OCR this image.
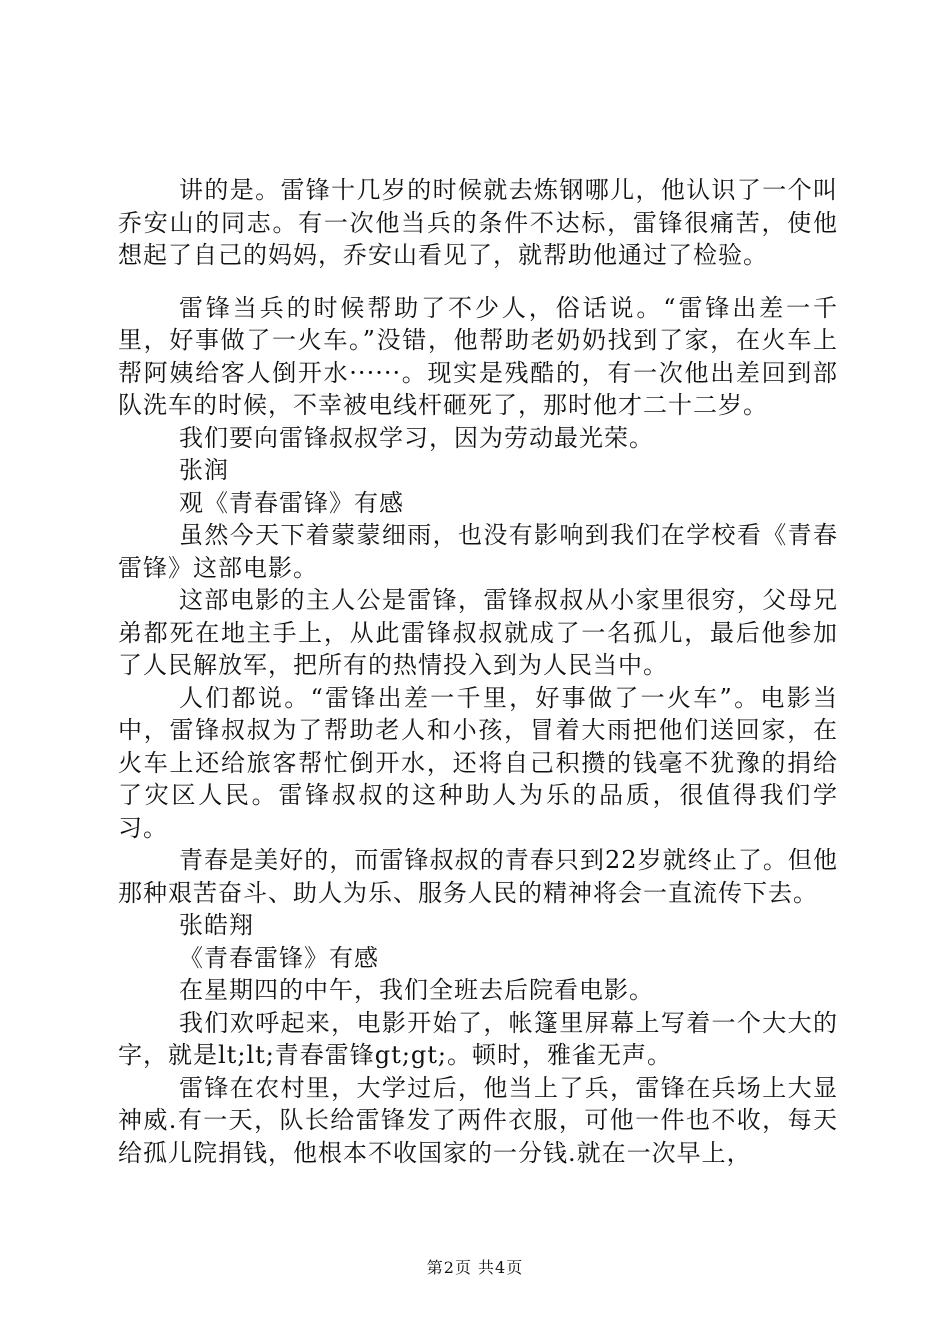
讲的是。雷锋十几岁的时候就去炼钢哪儿，他认识了一个叫乔安山的同志。有一次他当兵的条件不达标，雷锋很痛苦，使他想起了自己的妈妈，乔安山看见了，就帮助他通过了检验。

雷锋当兵的时候帮助了不少人，俗话说。“雷锋出差一千里，好事做了一火车。”没错，他帮助老奶奶找到了家，在火车上帮阿姨给客人倒开水······。现实是残酷的，有一次他出差回到部队洗车的时候，不幸被电线杆砸死了，那时他才二十二岁。

我们要向雷锋叔叔学习，因为劳动最光荣。

张润

观《青春雷锋》有感

虽然今天下着蒙蒙细雨，也没有影响到我们在学校看《青春雷锋》这部电影。

这部电影的主人公是雷锋，雷锋叔叔从小家里很穷，父母兄弟都死在地主手上，从此雷锋叔叔就成了一名孤儿，最后他参加了人民解放军，把所有的热情投入到为人民当中。

人们都说。“雷锋出差一千里，好事做了一火车”。电影当中，雷锋叔叔为了帮助老人和小孩，冒着大雨把他们送回家，在火车上还给旅客帮忙倒开水，还将自己积攒的钱毫不犹豫的捐给了灾区人民。雷锋叔叔的这种助人为乐的品质，很值得我们学习。

青春是美好的，而雷锋叔叔的青春只到22岁就终止了。但他那种艰苦奋斗、助人为乐、服务人民的精神将会一直流传下去。

张皓翔

《青春雷锋》有感

在星期四的中午，我们全班去后院看电影。

我们欢呼起来，电影开始了，帐篷里屏幕上写着一个大大的字，就是lt;lt;青春雷锋gt;gt;。顿时，雅雀无声。

雷锋在农村里，大学过后，他当上了兵，雷锋在兵场上大显神威.有一天，队长给雷锋发了两件衣服，可他一件也不收，每天给孤儿院捐钱，他根本不收国家的一分钱.就在一次早上，

第2页 共4页
